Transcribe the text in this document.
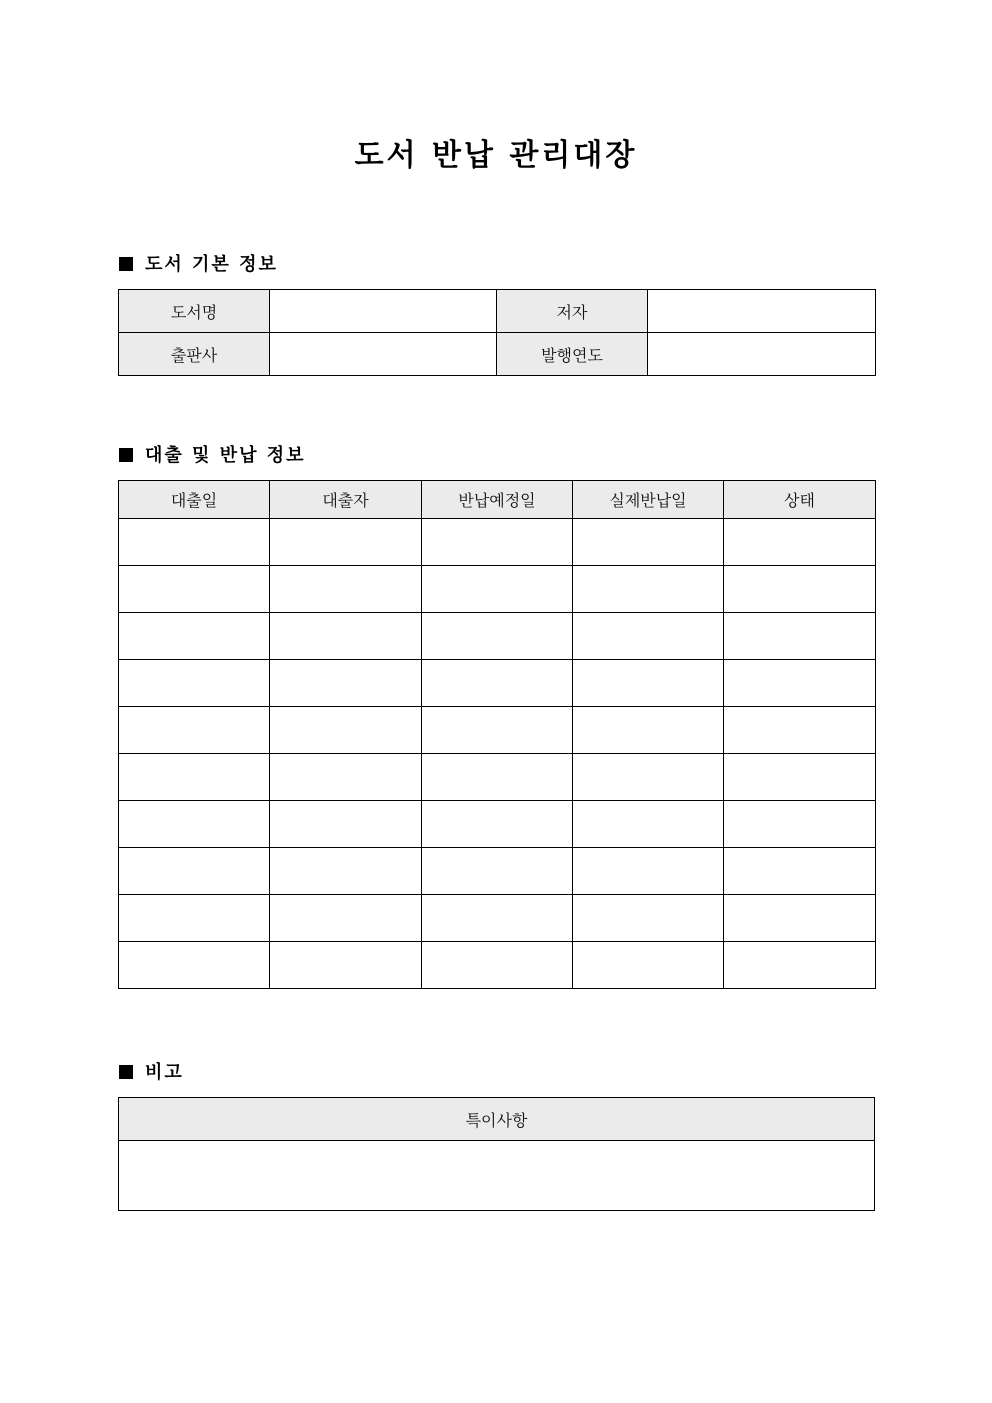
도서 반납 관리대장
도서 기본 정보
도서명		저자	
출판사		발행연도	
대출 및 반납 정보
대출일	대출자	반납예정일	실제반납일	상태

비고
특이사항
